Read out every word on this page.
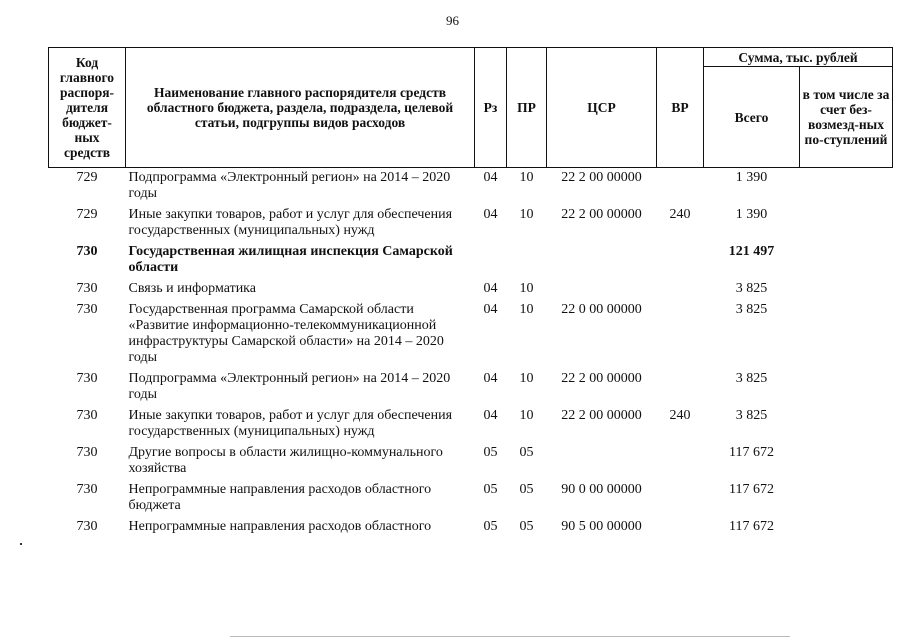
96
Код главного распоря-дителя бюджет-ных средств	Наименование главного распорядителя средств областного бюджета, раздела, подраздела, целевой статьи, подгруппы видов расходов	Рз	ПР	ЦСР	ВР	Сумма, тыс. рублей	
						Всего	в том числе за счет без-возмезд-ных по-ступлений
729	Подпрограмма «Электронный регион» на 2014 – 2020 годы	04	10	22 2 00 00000		1 390	
729	Иные закупки товаров, работ и услуг для обеспечения государственных (муниципальных) нужд	04	10	22 2 00 00000	240	1 390	
730	Государственная жилищная инспекция Самарской области					121 497	
730	Связь и информатика	04	10			3 825	
730	Государственная программа Самарской области «Развитие информационно-телекоммуникационной инфраструктуры Самарской области» на 2014 – 2020 годы	04	10	22 0 00 00000		3 825	
730	Подпрограмма «Электронный регион» на 2014 – 2020 годы	04	10	22 2 00 00000		3 825	
730	Иные закупки товаров, работ и услуг для обеспечения государственных (муниципальных) нужд	04	10	22 2 00 00000	240	3 825	
730	Другие вопросы в области жилищно-коммунального хозяйства	05	05			117 672	
730	Непрограммные направления расходов областного бюджета	05	05	90 0 00 00000		117 672	
730	Непрограммные направления расходов областного	05	05	90 5 00 00000		117 672	
